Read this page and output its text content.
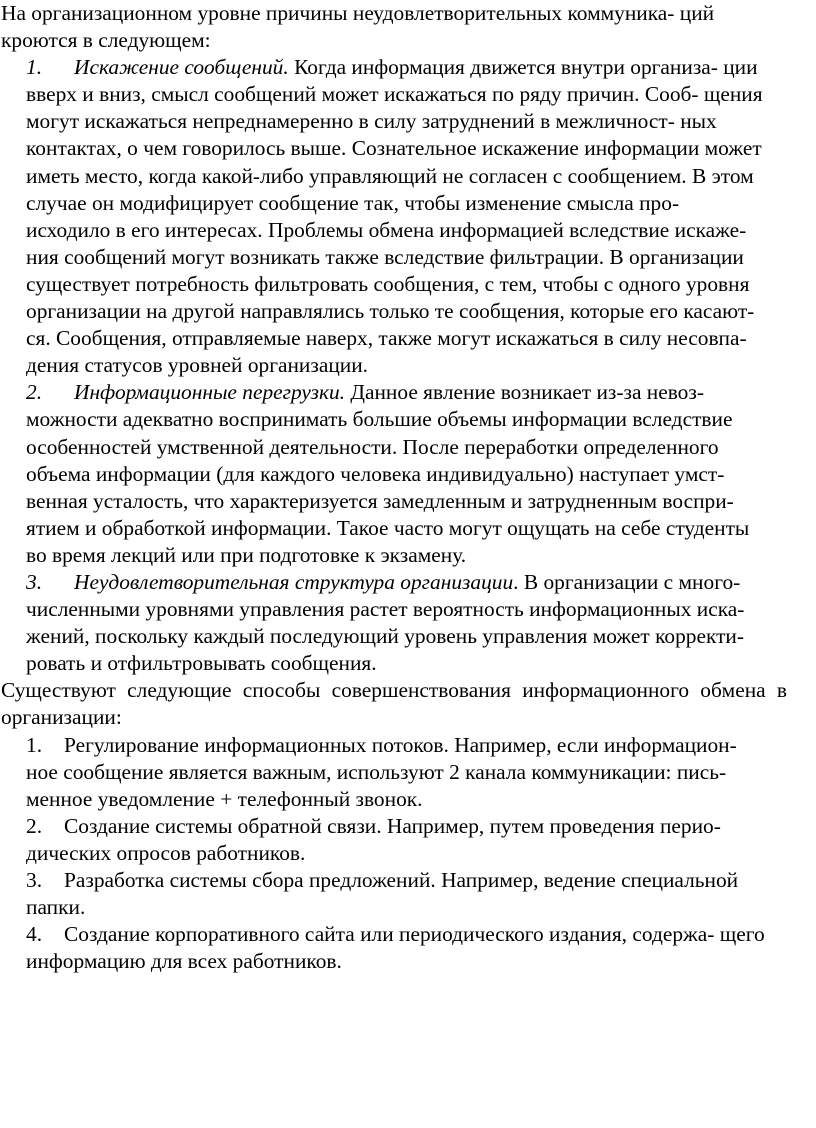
На организационном уровне причины неудовлетворительных коммуника- ций кроются в следующем:

1. Искажение сообщений. Когда информация движется внутри организа- ции вверх и вниз, смысл сообщений может искажаться по ряду причин. Сооб- щения могут искажаться непреднамеренно в силу затруднений в межличност- ных контактах, о чем говорилось выше. Сознательное искажение информации может иметь место, когда какой-либо управляющий не согласен с сообщением. В этом случае он модифицирует сообщение так, чтобы изменение смысла про- исходило в его интересах. Проблемы обмена информацией вследствие искаже- ния сообщений могут возникать также вследствие фильтрации. В организации существует потребность фильтровать сообщения, с тем, чтобы с одного уровня организации на другой направлялись только те сообщения, которые его касают-ся. Сообщения, отправляемые наверх, также могут искажаться в силу несовпа- дения статусов уровней организации.

2. Информационные перегрузки. Данное явление возникает из-за невоз- можности адекватно воспринимать большие объемы информации вследствие особенностей умственной деятельности. После переработки определенного объема информации (для каждого человека индивидуально) наступает умст- венная усталость, что характеризуется замедленным и затрудненным воспри- ятием и обработкой информации. Такое часто могут ощущать на себе студенты во время лекций или при подготовке к экзамену.

3. Неудовлетворительная структура организации. В организации с много-численными уровнями управления растет вероятность информационных иска- жений, поскольку каждый последующий уровень управления может корректи- ровать и отфильтровывать сообщения.

Существуют следующие способы совершенствования информационного обмена в организации:

1. Регулирование информационных потоков. Например, если информацион- ное сообщение является важным, используют 2 канала коммуникации: пись- менное уведомление + телефонный звонок.

2. Создание системы обратной связи. Например, путем проведения перио- дических опросов работников.

3. Разработка системы сбора предложений. Например, ведение специальной папки.

4. Создание корпоративного сайта или периодического издания, содержа- щего информацию для всех работников.
